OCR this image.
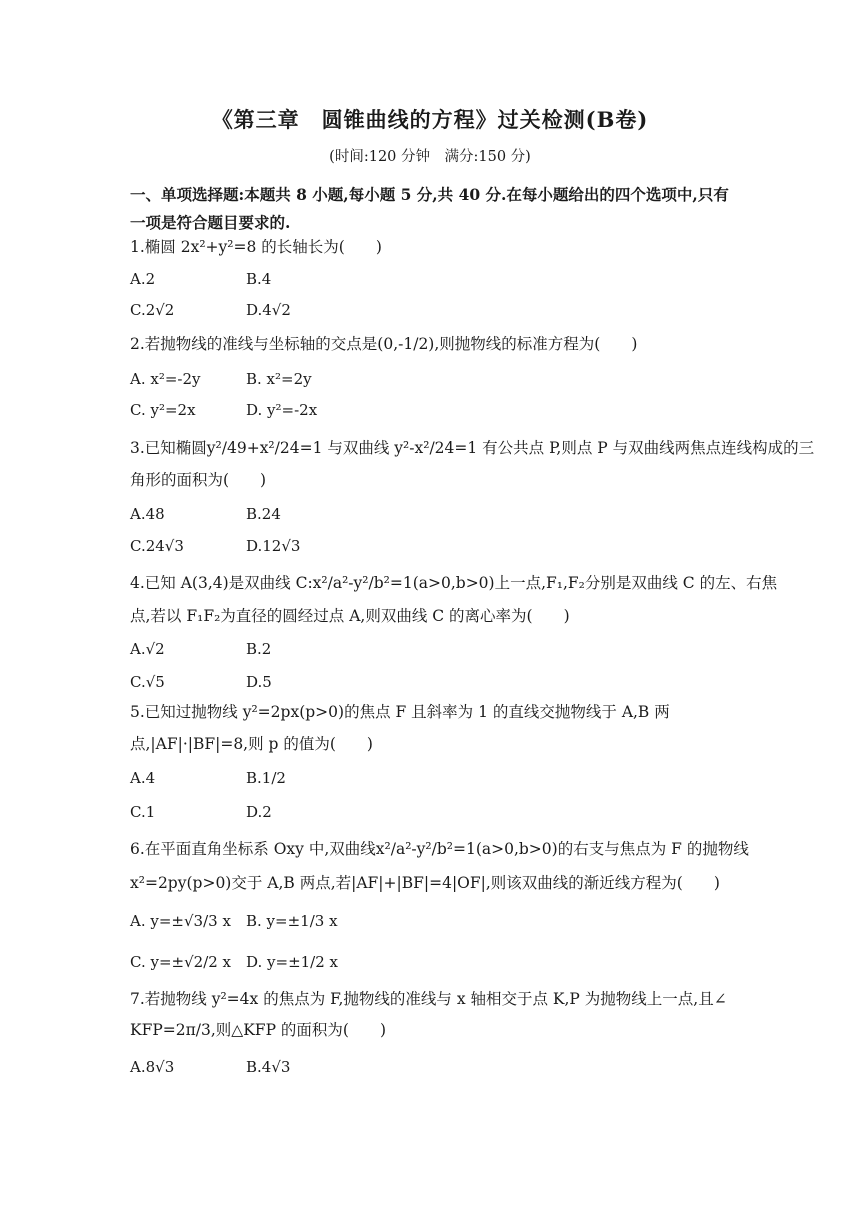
《第三章　圆锥曲线的方程》过关检测(B卷)
(时间:120 分钟　满分:150 分)
一、单项选择题:本题共 8 小题,每小题 5 分,共 40 分.在每小题给出的四个选项中,只有
一项是符合题目要求的.
1.椭圆 2x²+y²=8 的长轴长为(　　)
A.2	B.4
C.2√2	D.4√2
2.若抛物线的准线与坐标轴的交点是(0,-1/2),则抛物线的标准方程为(　　)
A. x²=-2y	B. x²=2y
C. y²=2x	D. y²=-2x
3.已知椭圆y²/49+x²/24=1 与双曲线 y²-x²/24=1 有公共点 P,则点 P 与双曲线两焦点连线构成的三
角形的面积为(　　)
A.48	B.24
C.24√3	D.12√3
4.已知 A(3,4)是双曲线 C:x²/a²-y²/b²=1(a>0,b>0)上一点,F₁,F₂分别是双曲线 C 的左、右焦
点,若以 F₁F₂为直径的圆经过点 A,则双曲线 C 的离心率为(　　)
A.√2	B.2
C.√5	D.5
5.已知过抛物线 y²=2px(p>0)的焦点 F 且斜率为 1 的直线交抛物线于 A,B 两
点,|AF|·|BF|=8,则 p 的值为(　　)
A.4	B.1/2
C.1	D.2
6.在平面直角坐标系 Oxy 中,双曲线x²/a²-y²/b²=1(a>0,b>0)的右支与焦点为 F 的抛物线
x²=2py(p>0)交于 A,B 两点,若|AF|+|BF|=4|OF|,则该双曲线的渐近线方程为(　　)
A. y=±√3/3 x B. y=±1/3 x
C. y=±√2/2 x D. y=±1/2 x
7.若抛物线 y²=4x 的焦点为 F,抛物线的准线与 x 轴相交于点 K,P 为抛物线上一点,且∠
KFP=2π/3,则△KFP 的面积为(　　)
A.8√3	B.4√3
